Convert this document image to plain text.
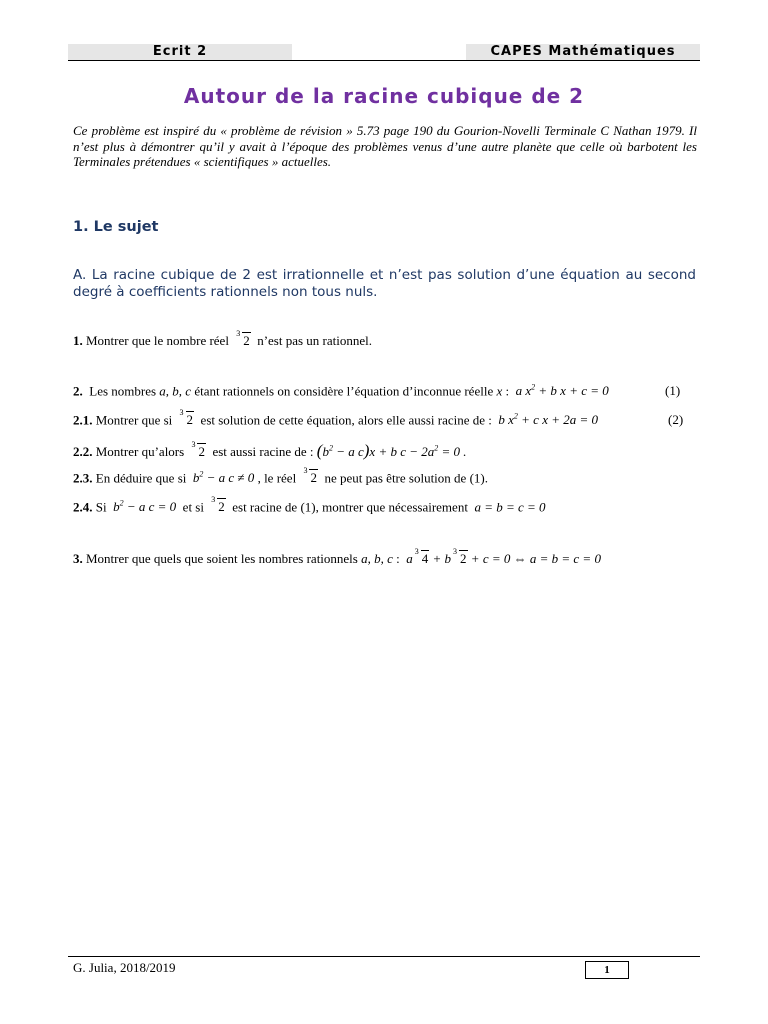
Ecrit 2	CAPES Mathématiques
Autour de la racine cubique de 2
Ce problème est inspiré du « problème de révision » 5.73 page 190 du Gourion-Novelli Terminale C Nathan 1979. Il n’est plus à démontrer qu’il y avait à l’époque des problèmes venus d’une autre planète que celle où barbotent les Terminales prétendues « scientifiques » actuelles.
1. Le sujet
A. La racine cubique de 2 est irrationnelle et n’est pas solution d’une équation au second degré à coefficients rationnels non tous nuls.
1. Montrer que le nombre réel 3 2 n’est pas un rationnel.
2. Les nombres a, b, c étant rationnels on considère l’équation d’inconnue réelle x : a $x^2 + b$ x + c = 0	(1)
2.1. Montrer que si 3 2 est solution de cette équation, alors elle aussi racine de : b $x^2 + c$ x + 2a = 0	(2)
2.2. Montrer qu’alors 3 2 est aussi racine de : ($b^2 - a$ c)x + b $c - 2a^2 = 0$ .
2.3. En déduire que si $b^2 - a$ c ≠ 0 , le réel 3 2 ne peut pas être solution de (1).
2.4. Si $b^2 - a$ c = 0 et si 3 2 est racine de (1), montrer que nécessairement a = b = c = 0
3. Montrer que quels que soient les nombres rationnels a, b, c : a 3 4 + b 3 2 + c = 0 ⇔ a = b = c = 0
G. Julia, 2018/2019	1
